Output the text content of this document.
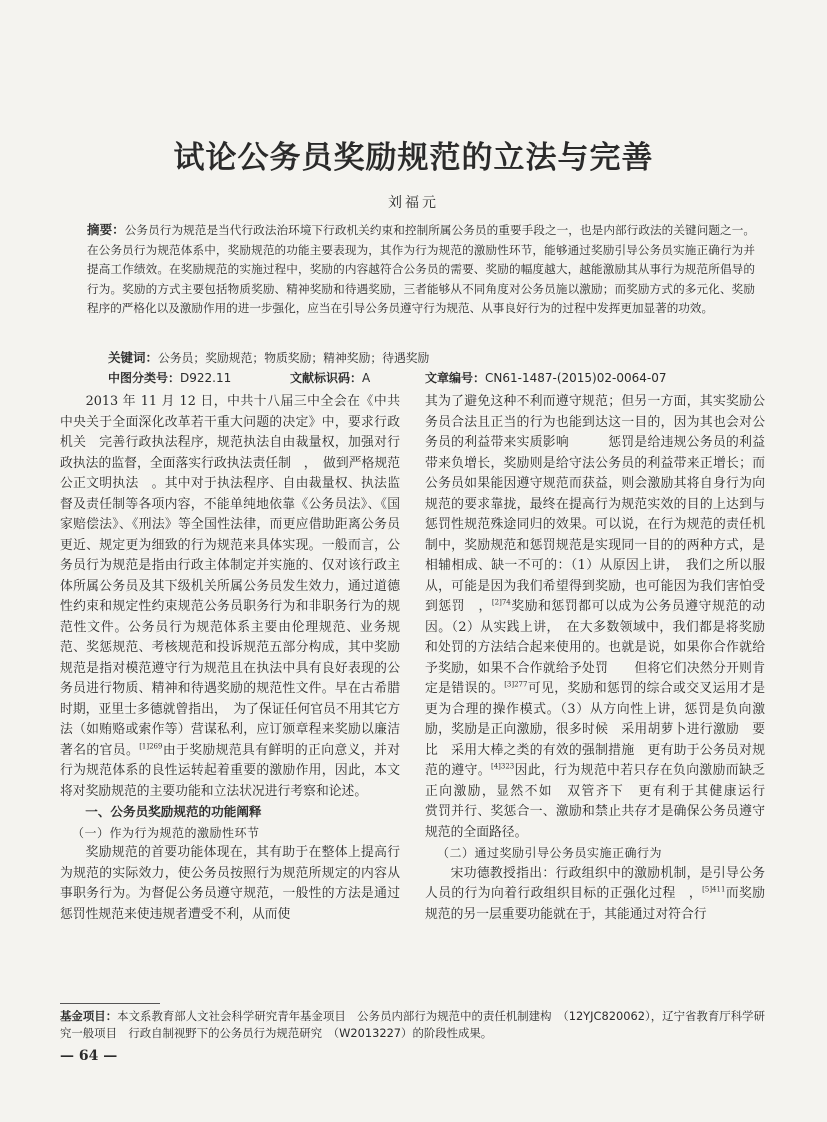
试论公务员奖励规范的立法与完善
刘福元
摘要：公务员行为规范是当代行政法治环境下行政机关约束和控制所属公务员的重要手段之一，也是内部行政法的关键问题之一。在公务员行为规范体系中，奖励规范的功能主要表现为，其作为行为规范的激励性环节，能够通过奖励引导公务员实施正确行为并提高工作绩效。在奖励规范的实施过程中，奖励的内容越符合公务员的需要、奖励的幅度越大，越能激励其从事行为规范所倡导的行为。奖励的方式主要包括物质奖励、精神奖励和待遇奖励，三者能够从不同角度对公务员施以激励；而奖励方式的多元化、奖励程序的严格化以及激励作用的进一步强化，应当在引导公务员遵守行为规范、从事良好行为的过程中发挥更加显著的功效。
关键词：公务员；奖励规范；物质奖励；精神奖励；待遇奖励
中图分类号：D922.11	文献标识码：A	文章编号：CN61-1487-(2015)02-0064-07

2013 年 11 月 12 日，中共十八届三中全会在《中共中央关于全面深化改革若干重大问题的决定》中，要求行政机关　完善行政执法程序，规范执法自由裁量权，加强对行政执法的监督，全面落实行政执法责任制　，　做到严格规范公正文明执法　。其中对于执法程序、自由裁量权、执法监督及责任制等各项内容，不能单纯地依靠《公务员法》、《国家赔偿法》、《刑法》等全国性法律，而更应借助距离公务员更近、规定更为细致的行为规范来具体实现。一般而言，公务员行为规范是指由行政主体制定并实施的、仅对该行政主体所属公务员及其下级机关所属公务员发生效力，通过道德性约束和规定性约束规范公务员职务行为和非职务行为的规范性文件。公务员行为规范体系主要由伦理规范、业务规范、奖惩规范、考核规范和投诉规范五部分构成，其中奖励规范是指对模范遵守行为规范且在执法中具有良好表现的公务员进行物质、精神和待遇奖励的规范性文件。早在古希腊时期，亚里士多德就曾指出，　为了保证任何官员不用其它方法（如贿赂或索作等）营谋私利，应订颁章程来奖励以廉洁著名的官员。$^{[1]269}$由于奖励规范具有鲜明的正向意义，并对行为规范体系的良性运转起着重要的激励作用，因此，本文将对奖励规范的主要功能和立法状况进行考察和论述。

一、公务员奖励规范的功能阐释

（一）作为行为规范的激励性环节

奖励规范的首要功能体现在，其有助于在整体上提高行为规范的实际效力，使公务员按照行为规范所规定的内容从事职务行为。为督促公务员遵守规范，一般性的方法是通过惩罚性规范来使违规者遭受不利，从而使

其为了避免这种不利而遵守规范；但另一方面，其实奖励公务员合法且正当的行为也能到达这一目的，因为其也会对公务员的利益带来实质影响　　　惩罚是给违规公务员的利益带来负增长，奖励则是给守法公务员的利益带来正增长；而公务员如果能因遵守规范而获益，则会激励其将自身行为向规范的要求靠拢，最终在提高行为规范实效的目的上达到与惩罚性规范殊途同归的效果。可以说，在行为规范的责任机制中，奖励规范和惩罚规范是实现同一目的的两种方式，是相辅相成、缺一不可的：（1）从原因上讲，　我们之所以服从，可能是因为我们希望得到奖励，也可能因为我们害怕受到惩罚　，$^{[2]74}$奖励和惩罚都可以成为公务员遵守规范的动因。（2）从实践上讲，　在大多数领域中，我们都是将奖励和处罚的方法结合起来使用的。也就是说，如果你合作就给予奖励，如果不合作就给予处罚　　但将它们决然分开则肯定是错误的。$^{[3]277}$可见，奖励和惩罚的综合或交叉运用才是更为合理的操作模式。（3）从方向性上讲，惩罚是负向激励，奖励是正向激励，很多时候　采用胡萝卜进行激励　要比　采用大棒之类的有效的强制措施　更有助于公务员对规范的遵守。$^{[4]323}$因此，行为规范中若只存在负向激励而缺乏正向激励，显然不如　双管齐下　更有利于其健康运行　　赏罚并行、奖惩合一、激励和禁止共存才是确保公务员遵守规范的全面路径。

（二）通过奖励引导公务员实施正确行为

宋功德教授指出：行政组织中的激励机制，是引导公务人员的行为向着行政组织目标的正强化过程　，$^{[5]411}$而奖励规范的另一层重要功能就在于，其能通过对符合行

基金项目：本文系教育部人文社会科学研究青年基金项目　公务员内部行为规范中的责任机制建构　（12YJC820062），辽宁省教育厅科学研究一般项目　行政自制视野下的公务员行为规范研究　（W2013227）的阶段性成果。
— 64 —
